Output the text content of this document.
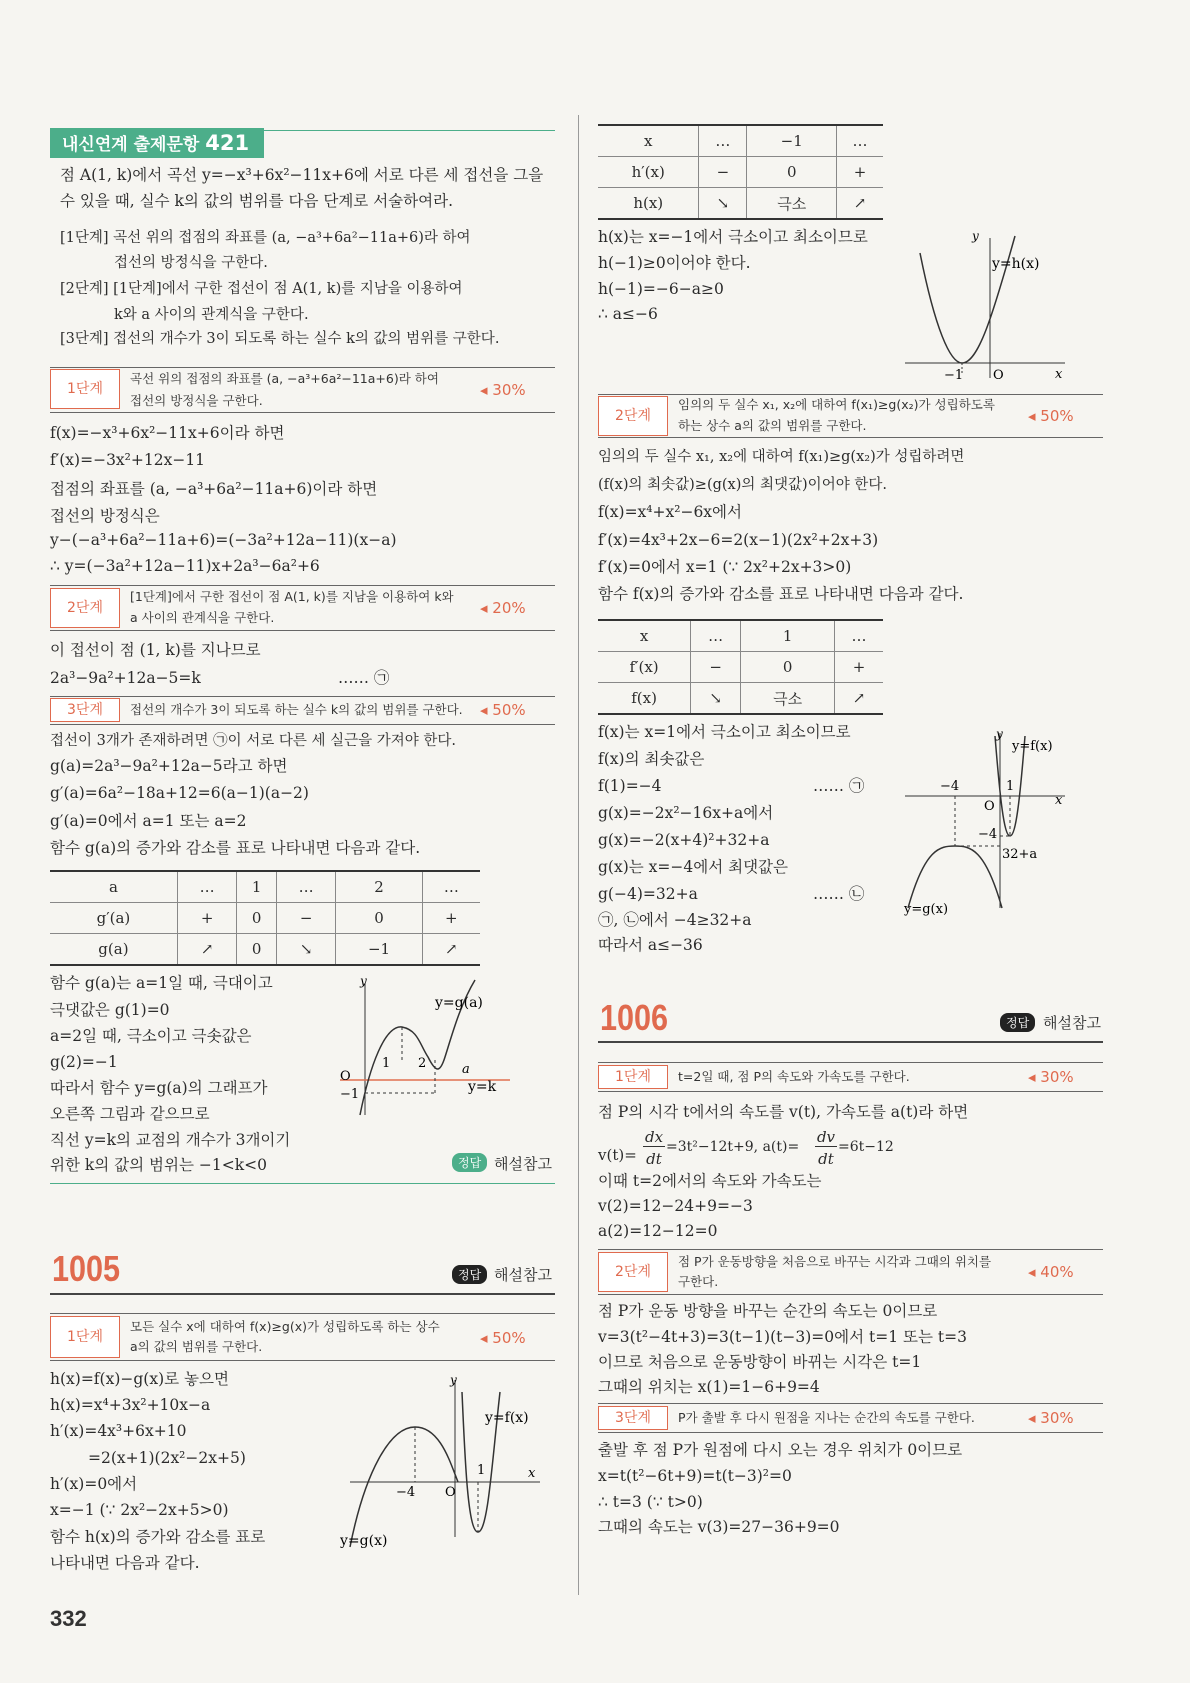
내신연계 출제문항 421
점 A(1, k)에서 곡선 y=−x³+6x²−11x+6에 서로 다른 세 접선을 그을
수 있을 때, 실수 k의 값의 범위를 다음 단계로 서술하여라.
[1단계] 곡선 위의 접점의 좌표를 (a, −a³+6a²−11a+6)라 하여
접선의 방정식을 구한다.
[2단계] [1단계]에서 구한 접선이 점 A(1, k)를 지남을 이용하여
k와 a 사이의 관계식을 구한다.
[3단계] 접선의 개수가 3이 되도록 하는 실수 k의 값의 범위를 구한다.
1단계
곡선 위의 접점의 좌표를 (a, −a³+6a²−11a+6)라 하여
접선의 방정식을 구한다.
◂ 30%
f(x)=−x³+6x²−11x+6이라 하면
f′(x)=−3x²+12x−11
접점의 좌표를 (a, −a³+6a²−11a+6)이라 하면
접선의 방정식은
y−(−a³+6a²−11a+6)=(−3a²+12a−11)(x−a)
∴ y=(−3a²+12a−11)x+2a³−6a²+6
2단계
[1단계]에서 구한 접선이 점 A(1, k)를 지남을 이용하여 k와
a 사이의 관계식을 구한다.
◂ 20%
이 접선이 점 (1, k)를 지나므로
2a³−9a²+12a−5=k	…… ㉠
3단계	접선의 개수가 3이 되도록 하는 실수 k의 값의 범위를 구한다. ◂ 50%
접선이 3개가 존재하려면 ㉠이 서로 다른 세 실근을 가져야 한다.
g(a)=2a³−9a²+12a−5라고 하면
g′(a)=6a²−18a+12=6(a−1)(a−2)
g′(a)=0에서 a=1 또는 a=2
함수 g(a)의 증가와 감소를 표로 나타내면 다음과 같다.
a	…	1	…	2	…
g′(a)	+	0	−	0	+
g(a)	↗	0	↘	−1	↗
함수 g(a)는 a=1일 때, 극대이고
극댓값은 g(1)=0
a=2일 때, 극소이고 극솟값은
g(2)=−1
따라서 함수 y=g(a)의 그래프가
오른쪽 그림과 같으므로
직선 y=k의 교점의 개수가 3개이기
위한 k의 값의 범위는 −1<k<0
y
y=g(a)
y=k
a
O
1 2
−1
정답 해설참고
1005	정답 해설참고
1단계
모든 실수 x에 대하여 f(x)≥g(x)가 성립하도록 하는 상수
a의 값의 범위를 구한다.	◂ 50%
h(x)=f(x)−g(x)로 놓으면
h(x)=x⁴+3x²+10x−a
h′(x)=4x³+6x+10
=2(x+1)(2x²−2x+5)
h′(x)=0에서
x=−1 (∵ 2x²−2x+5>0)
함수 h(x)의 증가와 감소를 표로
나타내면 다음과 같다.
y
y=f(x)
y=g(x)
x
O
−4
1
332
x	…	−1	…
h′(x)	−	0	+
h(x)	↘	극소	↗
h(x)는 x=−1에서 극소이고 최소이므로
h(−1)≥0이어야 한다.
h(−1)=−6−a≥0
∴ a≤−6
y
y=h(x)
x
O
−1
2단계
임의의 두 실수 x₁, x₂에 대하여 f(x₁)≥g(x₂)가 성립하도록
하는 상수 a의 값의 범위를 구한다.
◂ 50%
임의의 두 실수 x₁, x₂에 대하여 f(x₁)≥g(x₂)가 성립하려면
(f(x)의 최솟값)≥(g(x)의 최댓값)이어야 한다.
f(x)=x⁴+x²−6x에서
f′(x)=4x³+2x−6=2(x−1)(2x²+2x+3)
f′(x)=0에서 x=1 (∵ 2x²+2x+3>0)
함수 f(x)의 증가와 감소를 표로 나타내면 다음과 같다.
x	…	1	…
f′(x)	−	0	+
f(x)	↘	극소	↗
f(x)는 x=1에서 극소이고 최소이므로
f(x)의 최솟값은
f(1)=−4	…… ㉠
g(x)=−2x²−16x+a에서
g(x)=−2(x+4)²+32+a
g(x)는 x=−4에서 최댓값은
g(−4)=32+a	…… ㉡
㉠, ㉡에서 −4≥32+a
따라서 a≤−36
y
y=f(x)
y=g(x)
x
O
−4
−4
1
32+a
1006	정답 해설참고
1단계	t=2일 때, 점 P의 속도와 가속도를 구한다.	◂ 30%
점 P의 시각 t에서의 속도를 v(t), 가속도를 a(t)라 하면
v(t)=
dx
dt
=3t²−12t+9, a(t)=
dv
dt
=6t−12
이때 t=2에서의 속도와 가속도는
v(2)=12−24+9=−3
a(2)=12−12=0
2단계
점 P가 운동방향을 처음으로 바꾸는 시각과 그때의 위치를
구한다.
◂ 40%
점 P가 운동 방향을 바꾸는 순간의 속도는 0이므로
v=3(t²−4t+3)=3(t−1)(t−3)=0에서 t=1 또는 t=3
이므로 처음으로 운동방향이 바뀌는 시각은 t=1
그때의 위치는 x(1)=1−6+9=4
3단계	P가 출발 후 다시 원점을 지나는 순간의 속도를 구한다.	◂ 30%
출발 후 점 P가 원점에 다시 오는 경우 위치가 0이므로
x=t(t²−6t+9)=t(t−3)²=0
∴ t=3 (∵ t>0)
그때의 속도는 v(3)=27−36+9=0
